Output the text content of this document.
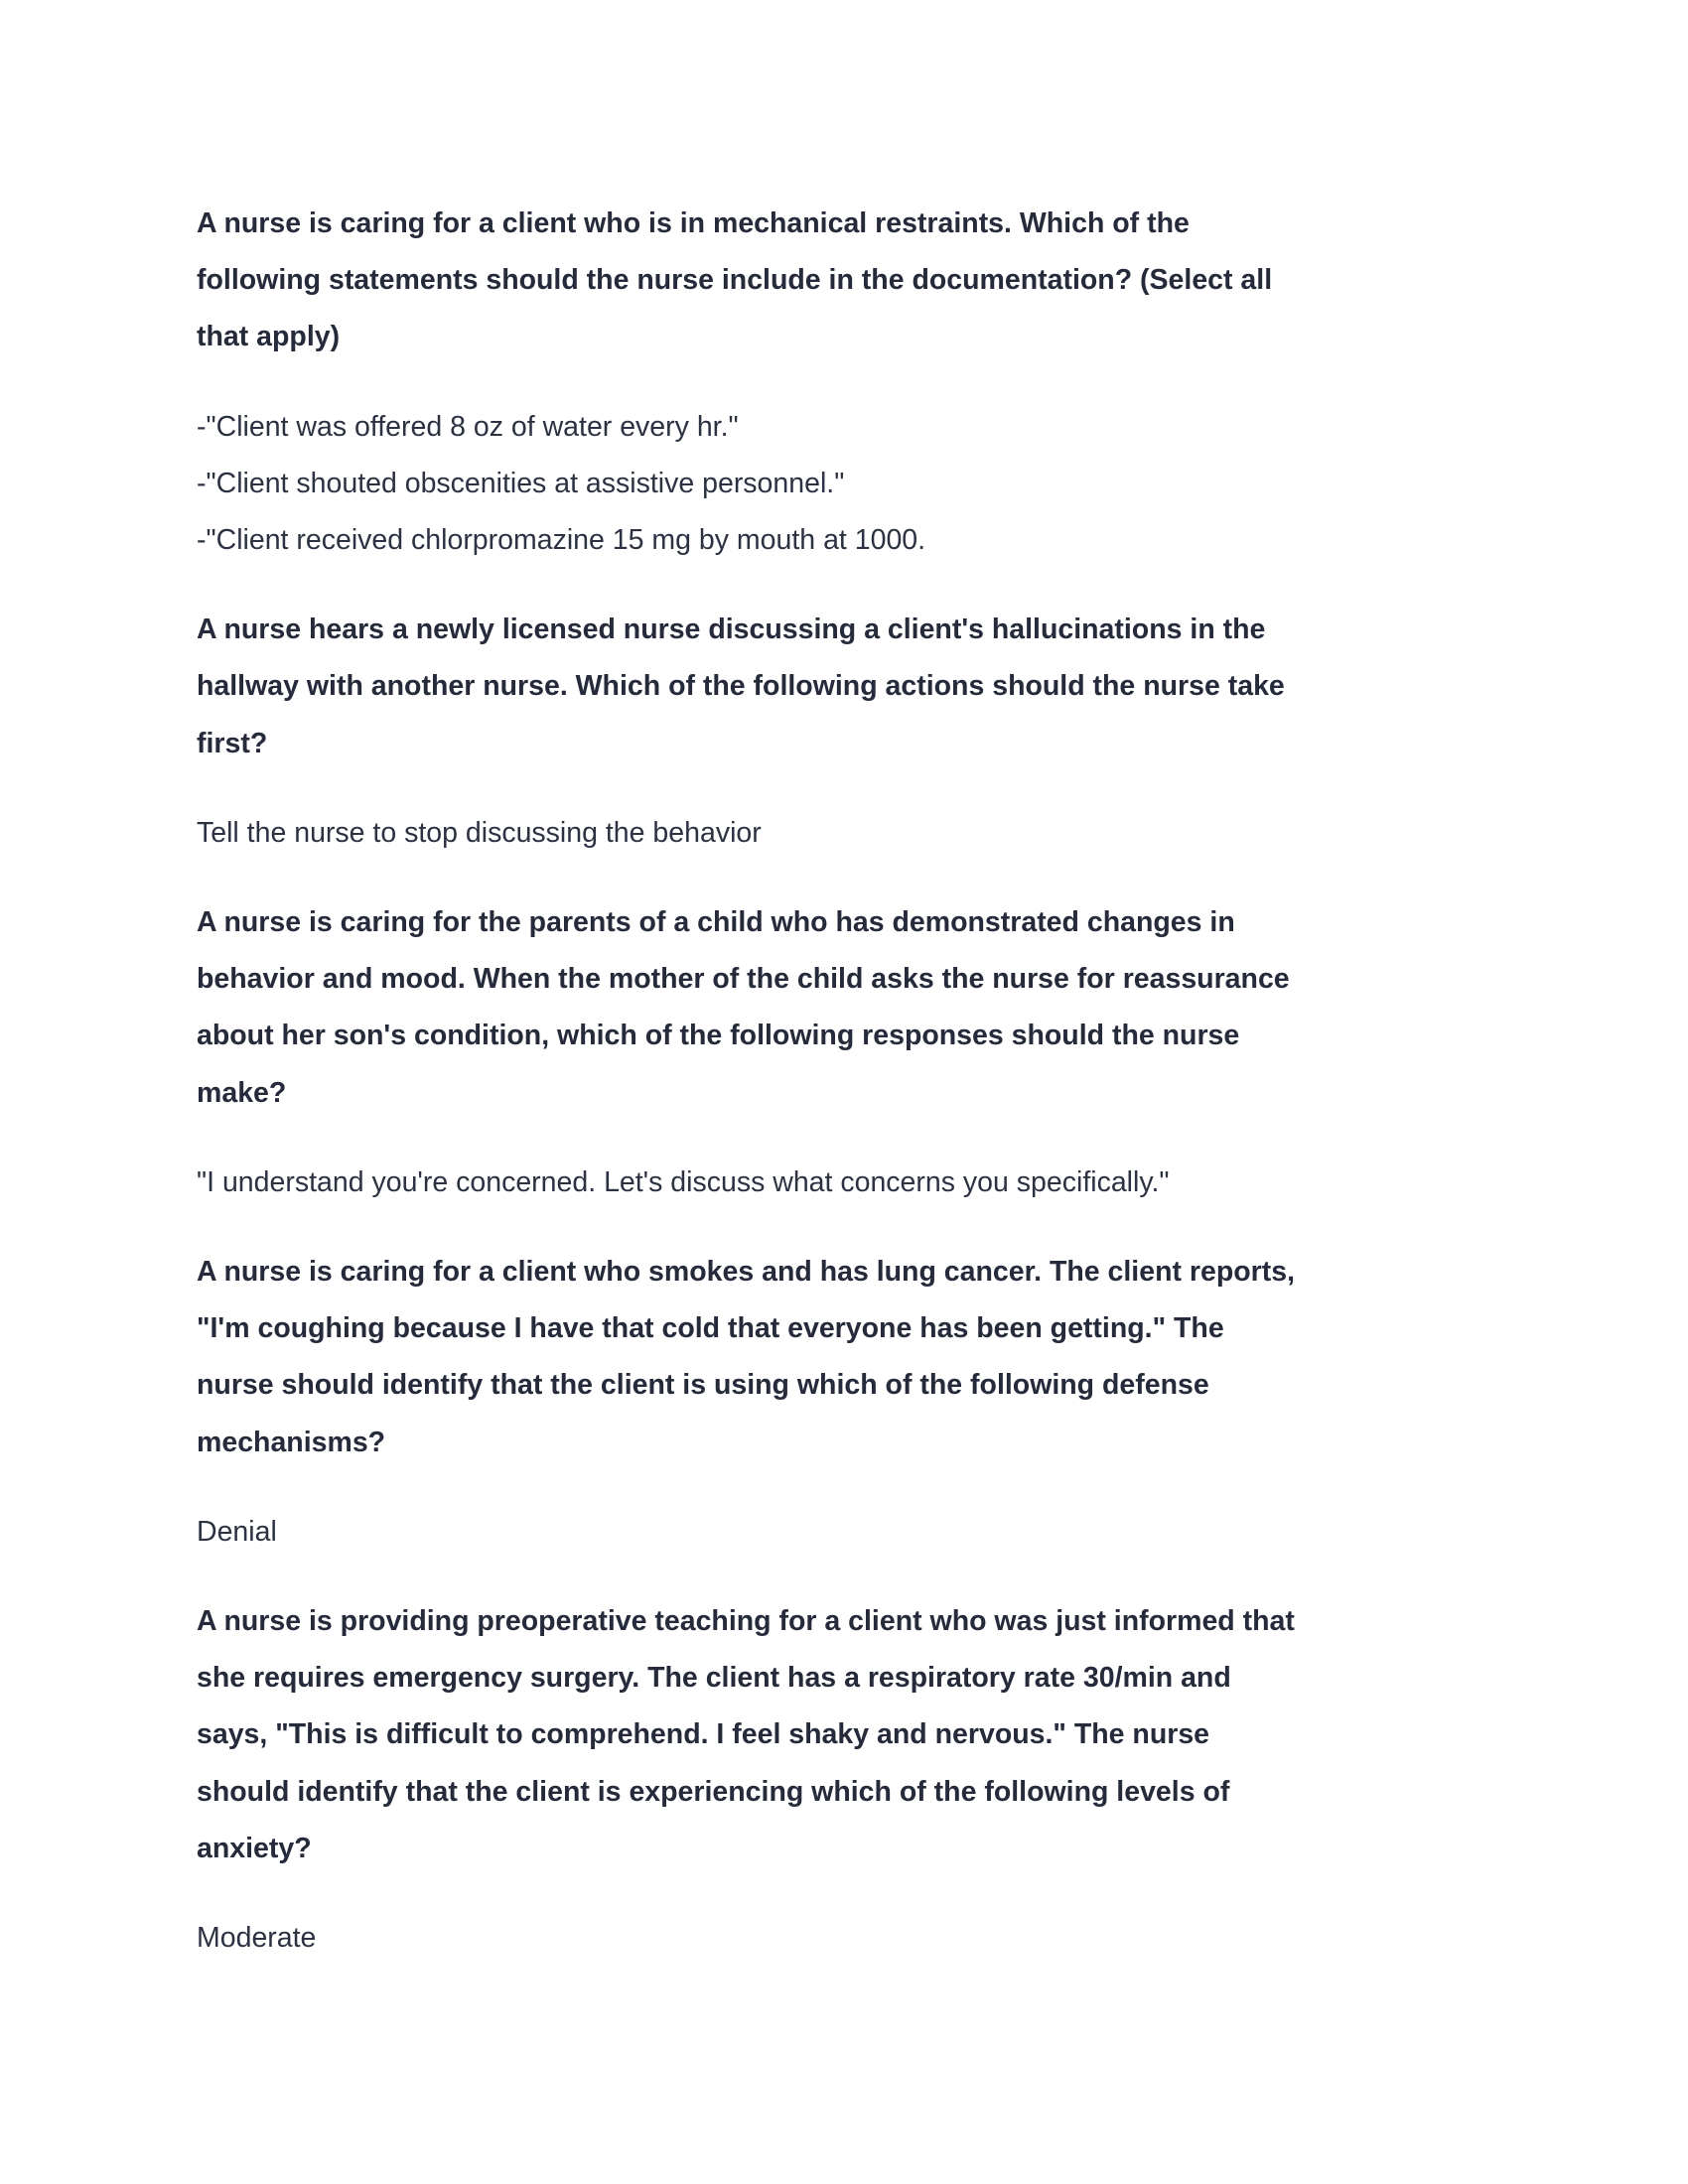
A nurse is caring for a client who is in mechanical restraints. Which of the
following statements should the nurse include in the documentation? (Select all
that apply)

-"Client was offered 8 oz of water every hr."
-"Client shouted obscenities at assistive personnel."
-"Client received chlorpromazine 15 mg by mouth at 1000.

A nurse hears a newly licensed nurse discussing a client's hallucinations in the
hallway with another nurse. Which of the following actions should the nurse take
first?

Tell the nurse to stop discussing the behavior

A nurse is caring for the parents of a child who has demonstrated changes in
behavior and mood. When the mother of the child asks the nurse for reassurance
about her son's condition, which of the following responses should the nurse
make?

"I understand you're concerned. Let's discuss what concerns you specifically."

A nurse is caring for a client who smokes and has lung cancer. The client reports,
"I'm coughing because I have that cold that everyone has been getting." The
nurse should identify that the client is using which of the following defense
mechanisms?

Denial

A nurse is providing preoperative teaching for a client who was just informed that
she requires emergency surgery. The client has a respiratory rate 30/min and
says, "This is difficult to comprehend. I feel shaky and nervous." The nurse
should identify that the client is experiencing which of the following levels of
anxiety?

Moderate
